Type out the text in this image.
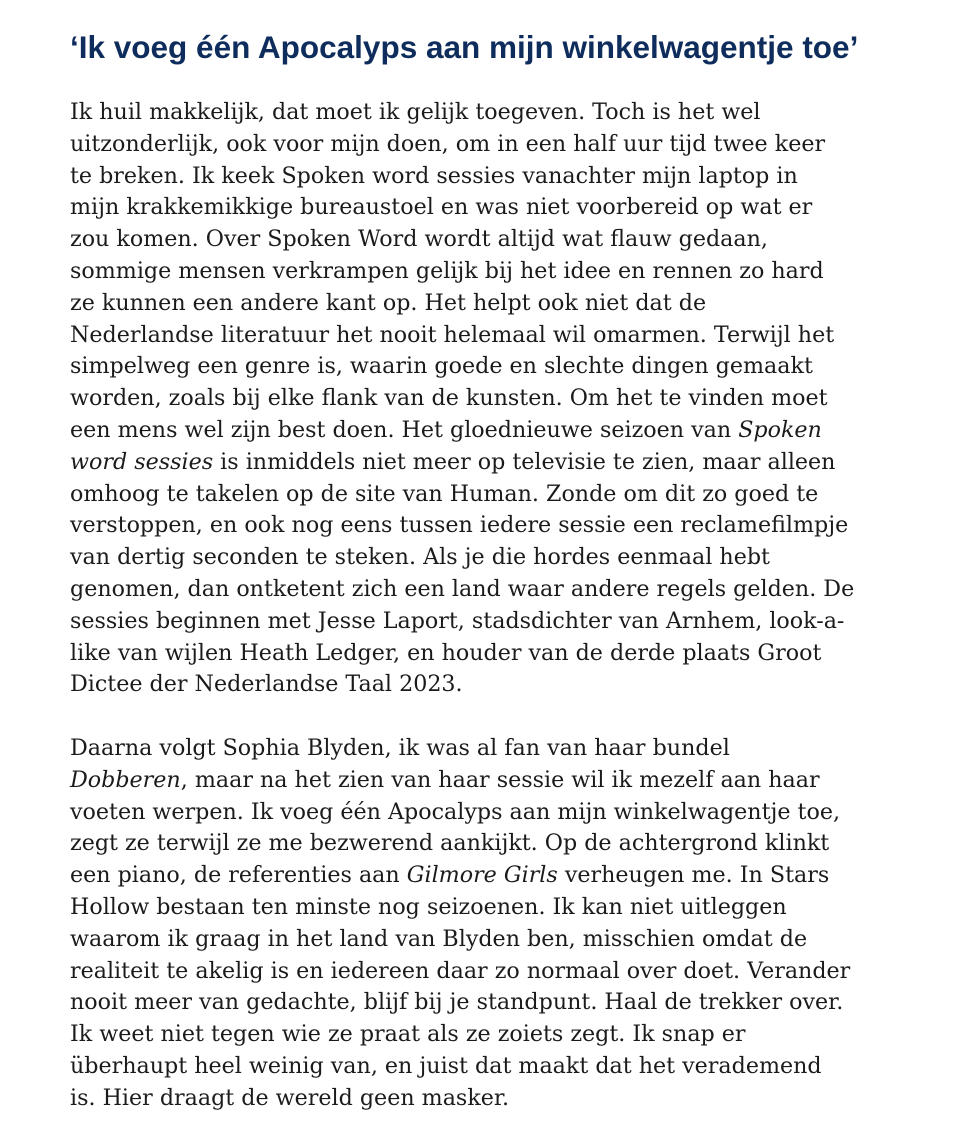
‘Ik voeg één Apocalyps aan mijn winkelwagentje toe’
Ik huil makkelijk, dat moet ik gelijk toegeven. Toch is het wel
uitzonderlijk, ook voor mijn doen, om in een half uur tijd twee keer
te breken. Ik keek Spoken word sessies vanachter mijn laptop in
mijn krakkemikkige bureaustoel en was niet voorbereid op wat er
zou komen. Over Spoken Word wordt altijd wat flauw gedaan,
sommige mensen verkrampen gelijk bij het idee en rennen zo hard
ze kunnen een andere kant op. Het helpt ook niet dat de
Nederlandse literatuur het nooit helemaal wil omarmen. Terwijl het
simpelweg een genre is, waarin goede en slechte dingen gemaakt
worden, zoals bij elke flank van de kunsten. Om het te vinden moet
een mens wel zijn best doen. Het gloednieuwe seizoen van Spoken
word sessies is inmiddels niet meer op televisie te zien, maar alleen
omhoog te takelen op de site van Human. Zonde om dit zo goed te
verstoppen, en ook nog eens tussen iedere sessie een reclamefilmpje
van dertig seconden te steken. Als je die hordes eenmaal hebt
genomen, dan ontketent zich een land waar andere regels gelden. De
sessies beginnen met Jesse Laport, stadsdichter van Arnhem, look-a-
like van wijlen Heath Ledger, en houder van de derde plaats Groot
Dictee der Nederlandse Taal 2023.
Daarna volgt Sophia Blyden, ik was al fan van haar bundel
Dobberen, maar na het zien van haar sessie wil ik mezelf aan haar
voeten werpen. Ik voeg één Apocalyps aan mijn winkelwagentje toe,
zegt ze terwijl ze me bezwerend aankijkt. Op de achtergrond klinkt
een piano, de referenties aan Gilmore Girls verheugen me. In Stars
Hollow bestaan ten minste nog seizoenen. Ik kan niet uitleggen
waarom ik graag in het land van Blyden ben, misschien omdat de
realiteit te akelig is en iedereen daar zo normaal over doet. Verander
nooit meer van gedachte, blijf bij je standpunt. Haal de trekker over.
Ik weet niet tegen wie ze praat als ze zoiets zegt. Ik snap er
überhaupt heel weinig van, en juist dat maakt dat het verademend
is. Hier draagt de wereld geen masker.
